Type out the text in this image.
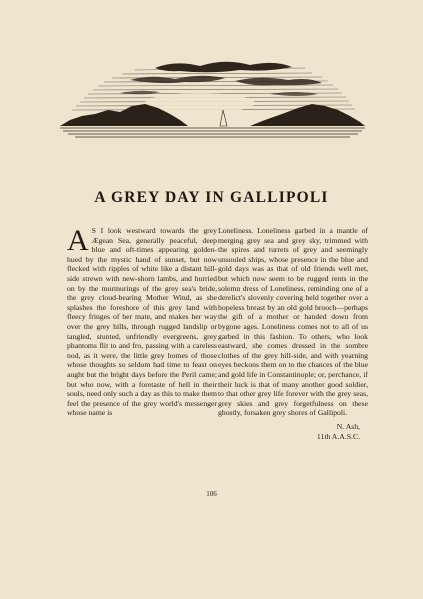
G.T.M.R.
A GREY DAY IN GALLIPOLI
A S I look westward towards the grey Ægean Sea, generally peaceful, deep blue and oft-times appearing golden-hued by the mystic hand of sunset, but now flecked with ripples of white like a distant hill-side strewn with new-shorn lambs, and hurried on by the murmurings of the grey sea's bride, the grey cloud-bearing Mother Wind, as she splashes the foreshore of this grey land with fleecy fringes of her mate, and makes her way over the grey hills, through rugged landslip or tangled, stunted, unfriendly evergreens, grey phantoms flit to and fro, passing with a careless nod, as it were, the little grey homes of those whose thoughts so seldom had time to feast on aught but the bright days before the Peril came; but who now, with a foretaste of hell in their souls, need only such a day as this to make them feel the presence of the grey world's messenger whose name is
Loneliness. Loneliness garbed in a mantle of merging grey sea and grey sky, trimmed with the spires and turrets of grey and seemingly unsouled ships, whose presence in the blue and gold days was as that of old friends well met, but which now seem to be rugged rents in the solemn dress of Loneliness, reminding one of a derelict's slovenly covering held together over a hopeless breast by an old gold brooch—perhaps the gift of a mother or handed down from bygone ages. Loneliness comes not to all of us garbed in this fashion. To others, who look eastward, she comes dressed in the sombre clothes of the grey hill-side, and with yearning eyes beckons them on to the chances of the blue and gold life in Constantinople; or, perchance, if their luck is that of many another good soldier, to that other grey life forever with the grey seas, grey skies and grey forgetfulness on these ghostly, forsaken grey shores of Gallipoli.
N. Ash,
11th A.A.S.C.
106
